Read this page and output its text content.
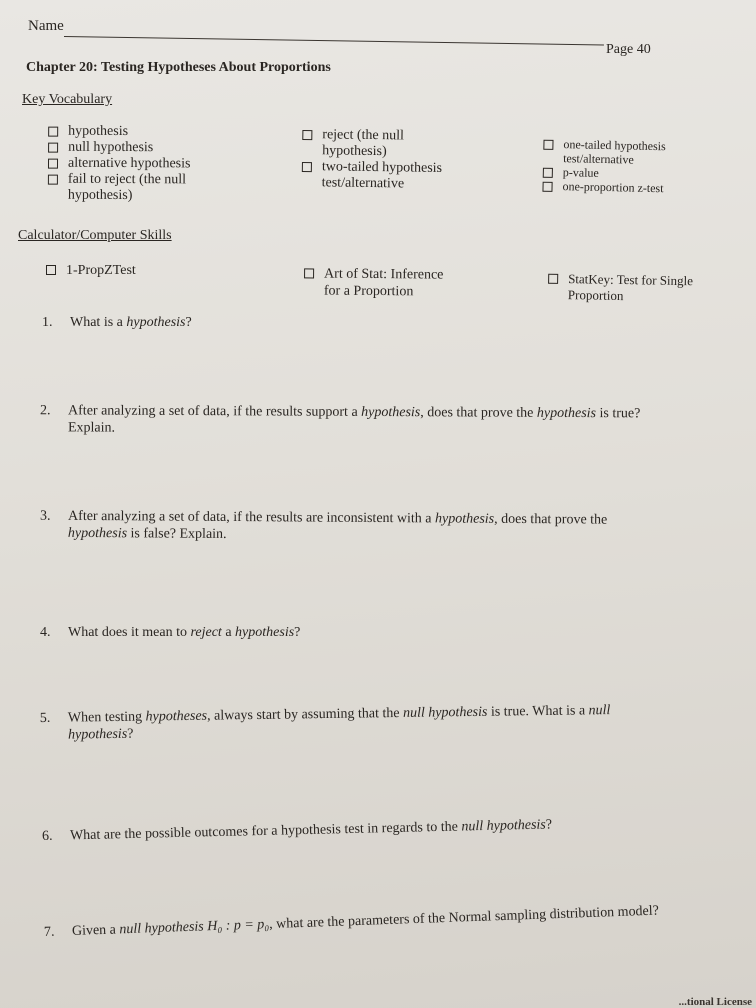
Name
Page 40
Chapter 20: Testing Hypotheses About Proportions
Key Vocabulary
hypothesis
null hypothesis
alternative hypothesis
fail to reject (the null
hypothesis)
reject (the null
hypothesis)
two-tailed hypothesis
test/alternative
one-tailed hypothesis
test/alternative
p-value
one-proportion z-test
Calculator/Computer Skills
1-PropZTest	Art of Stat: Inference
for a Proportion
StatKey: Test for Single
Proportion
1.	What is a hypothesis?
2.	After analyzing a set of data, if the results support a hypothesis, does that prove the hypothesis is true?
Explain.
3.	After analyzing a set of data, if the results are inconsistent with a hypothesis, does that prove the
hypothesis is false? Explain.
4.	What does it mean to reject a hypothesis?
5.	When testing hypotheses, always start by assuming that the null hypothesis is true. What is a null
hypothesis?
6.	What are the possible outcomes for a hypothesis test in regards to the null hypothesis?
7.	Given a null hypothesis H₀ : p = p₀, what are the parameters of the Normal sampling distribution model?
...tional License
